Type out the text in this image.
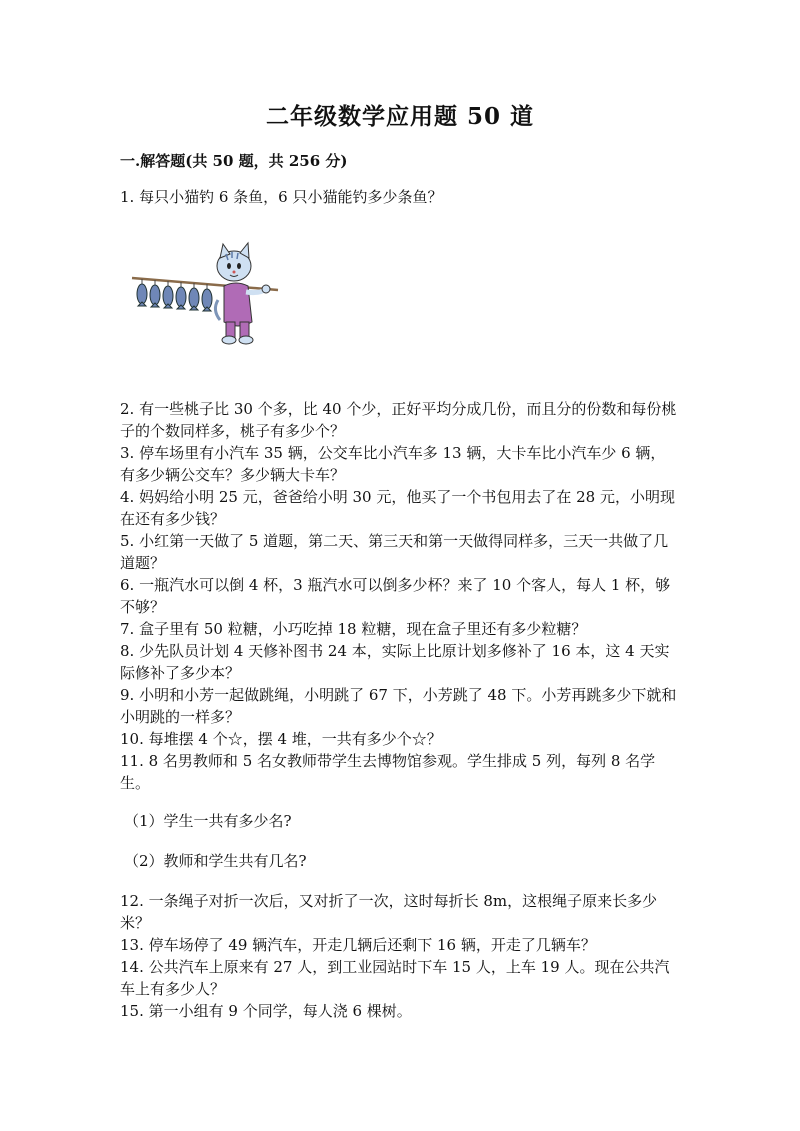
二年级数学应用题 50 道
一.解答题(共 50 题，共 256 分)
1. 每只小猫钓 6 条鱼，6 只小猫能钓多少条鱼？
2. 有一些桃子比 30 个多，比 40 个少，正好平均分成几份，而且分的份数和每份桃子的个数同样多，桃子有多少个？
3. 停车场里有小汽车 35 辆，公交车比小汽车多 13 辆，大卡车比小汽车少 6 辆，有多少辆公交车？多少辆大卡车？
4. 妈妈给小明 25 元，爸爸给小明 30 元，他买了一个书包用去了在 28 元，小明现在还有多少钱？
5. 小红第一天做了 5 道题，第二天、第三天和第一天做得同样多，三天一共做了几道题？
6. 一瓶汽水可以倒 4 杯，3 瓶汽水可以倒多少杯？来了 10 个客人，每人 1 杯，够不够？
7. 盒子里有 50 粒糖，小巧吃掉 18 粒糖，现在盒子里还有多少粒糖？
8. 少先队员计划 4 天修补图书 24 本，实际上比原计划多修补了 16 本，这 4 天实际修补了多少本？
9. 小明和小芳一起做跳绳，小明跳了 67 下，小芳跳了 48 下。小芳再跳多少下就和小明跳的一样多？
10. 每堆摆 4 个☆，摆 4 堆，一共有多少个☆？
11. 8 名男教师和 5 名女教师带学生去博物馆参观。学生排成 5 列，每列 8 名学生。
（1）学生一共有多少名?
（2）教师和学生共有几名?
12. 一条绳子对折一次后，又对折了一次，这时每折长 8m，这根绳子原来长多少米？
13. 停车场停了 49 辆汽车，开走几辆后还剩下 16 辆，开走了几辆车？
14. 公共汽车上原来有 27 人，到工业园站时下车 15 人，上车 19 人。现在公共汽车上有多少人？
15. 第一小组有 9 个同学，每人浇 6 棵树。
